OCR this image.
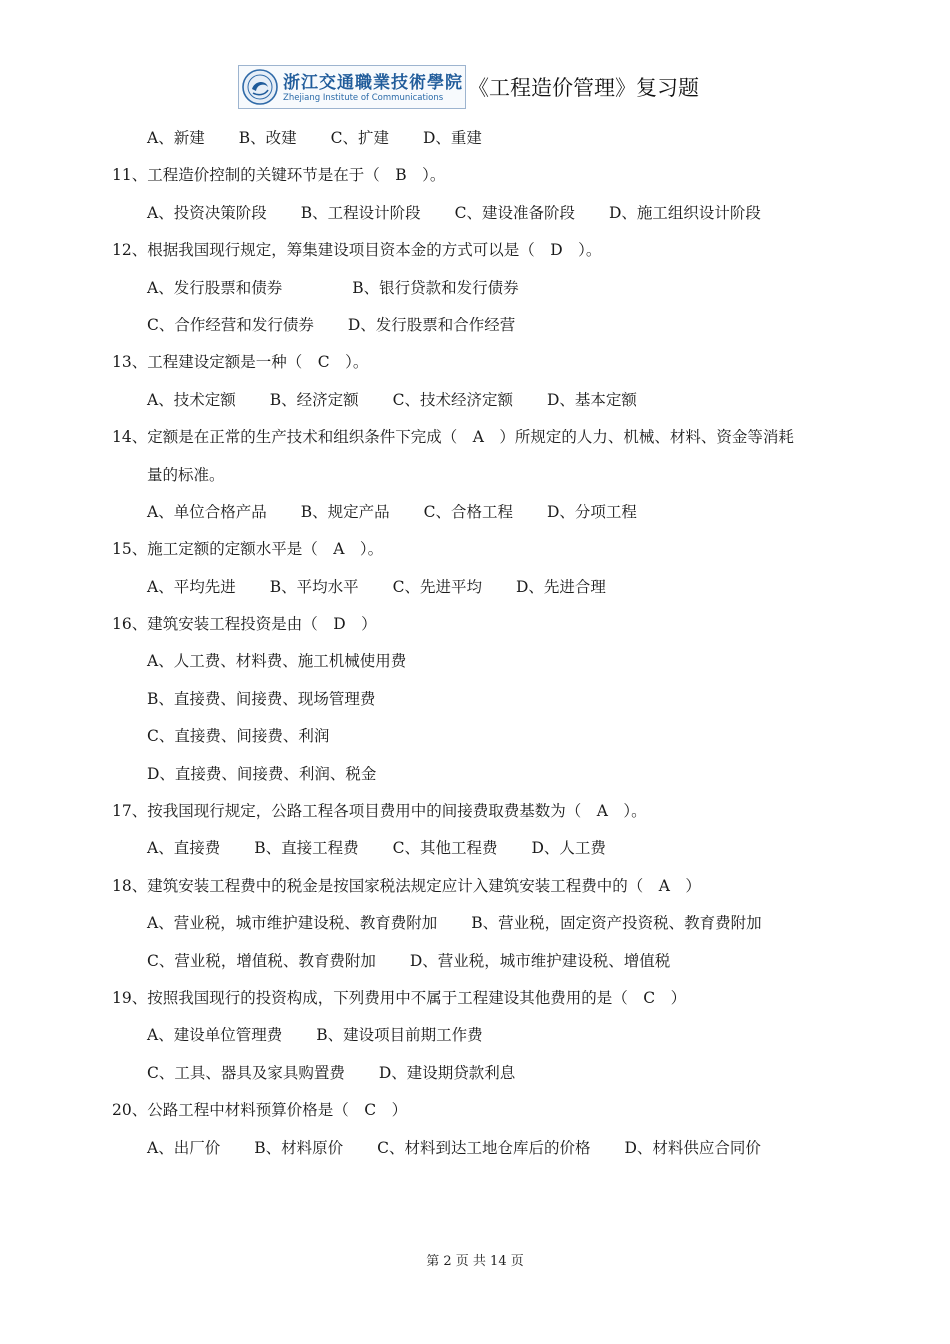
浙江交通職業技術學院
Zhejiang Institute of Communications 《工程造价管理》复习题
A、新建 B、改建 C、扩建 D、重建
11、工程造价控制的关键环节是在于（　B　）。
A、投资决策阶段 B、工程设计阶段 C、建设准备阶段 D、施工组织设计阶段
12、根据我国现行规定，筹集建设项目资本金的方式可以是（　D　）。
A、发行股票和债券	B、银行贷款和发行债券
C、合作经营和发行债券 D、发行股票和合作经营
13、工程建设定额是一种（　C　）。
A、技术定额 B、经济定额 C、技术经济定额 D、基本定额
14、定额是在正常的生产技术和组织条件下完成（　A　）所规定的人力、机械、材料、资金等消耗
量的标准。
A、单位合格产品 B、规定产品 C、合格工程 D、分项工程
15、施工定额的定额水平是（　A　）。
A、平均先进 B、平均水平 C、先进平均 D、先进合理
16、建筑安装工程投资是由（　D　）
A、人工费、材料费、施工机械使用费
B、直接费、间接费、现场管理费
C、直接费、间接费、利润
D、直接费、间接费、利润、税金
17、按我国现行规定，公路工程各项目费用中的间接费取费基数为（　A　）。
A、直接费 B、直接工程费 C、其他工程费 D、人工费
18、建筑安装工程费中的税金是按国家税法规定应计入建筑安装工程费中的（　A　）
A、营业税，城市维护建设税、教育费附加 B、营业税，固定资产投资税、教育费附加
C、营业税，增值税、教育费附加 D、营业税，城市维护建设税、增值税
19、按照我国现行的投资构成，下列费用中不属于工程建设其他费用的是（　C　）
A、建设单位管理费 B、建设项目前期工作费
C、工具、器具及家具购置费 D、建设期贷款利息
20、公路工程中材料预算价格是（　C　）
A、出厂价 B、材料原价 C、材料到达工地仓库后的价格 D、材料供应合同价
第 2 页 共 14 页
